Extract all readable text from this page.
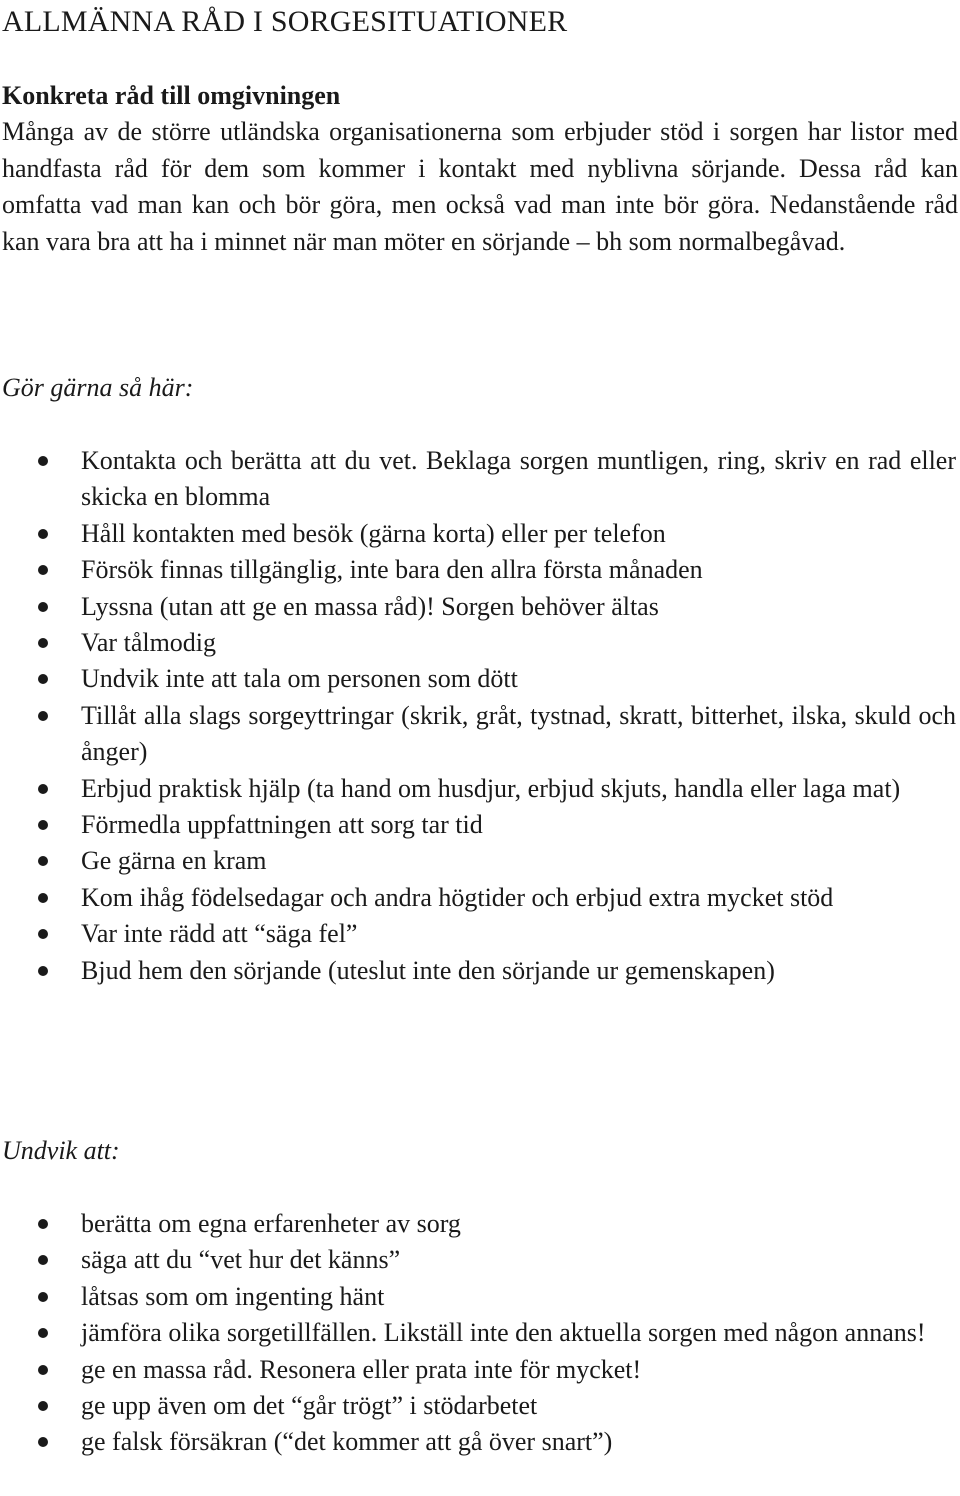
ALLMÄNNA RÅD I SORGESITUATIONER
Konkreta råd till omgivningen

Många av de större utländska organisationerna som erbjuder stöd i sorgen har listor med handfasta råd för dem som kommer i kontakt med nyblivna sörjande. Dessa råd kan omfatta vad man kan och bör göra, men också vad man inte bör göra. Nedanstående råd kan vara bra att ha i minnet när man möter en sörjande – bh som normalbegåvad.

Gör gärna så här:
Kontakta och berätta att du vet. Beklaga sorgen muntligen, ring, skriv en rad eller skicka en blomma
Håll kontakten med besök (gärna korta) eller per telefon
Försök finnas tillgänglig, inte bara den allra första månaden
Lyssna (utan att ge en massa råd)! Sorgen behöver ältas
Var tålmodig
Undvik inte att tala om personen som dött
Tillåt alla slags sorgeyttringar (skrik, gråt, tystnad, skratt, bitterhet, ilska, skuld och ånger)
Erbjud praktisk hjälp (ta hand om husdjur, erbjud skjuts, handla eller laga mat)
Förmedla uppfattningen att sorg tar tid
Ge gärna en kram
Kom ihåg födelsedagar och andra högtider och erbjud extra mycket stöd
Var inte rädd att “säga fel”
Bjud hem den sörjande (uteslut inte den sörjande ur gemenskapen)
Undvik att:
berätta om egna erfarenheter av sorg
säga att du “vet hur det känns”
låtsas som om ingenting hänt
jämföra olika sorgetillfällen. Likställ inte den aktuella sorgen med någon annans!
ge en massa råd. Resonera eller prata inte för mycket!
ge upp även om det “går trögt” i stödarbetet
ge falsk försäkran (“det kommer att gå över snart”)
